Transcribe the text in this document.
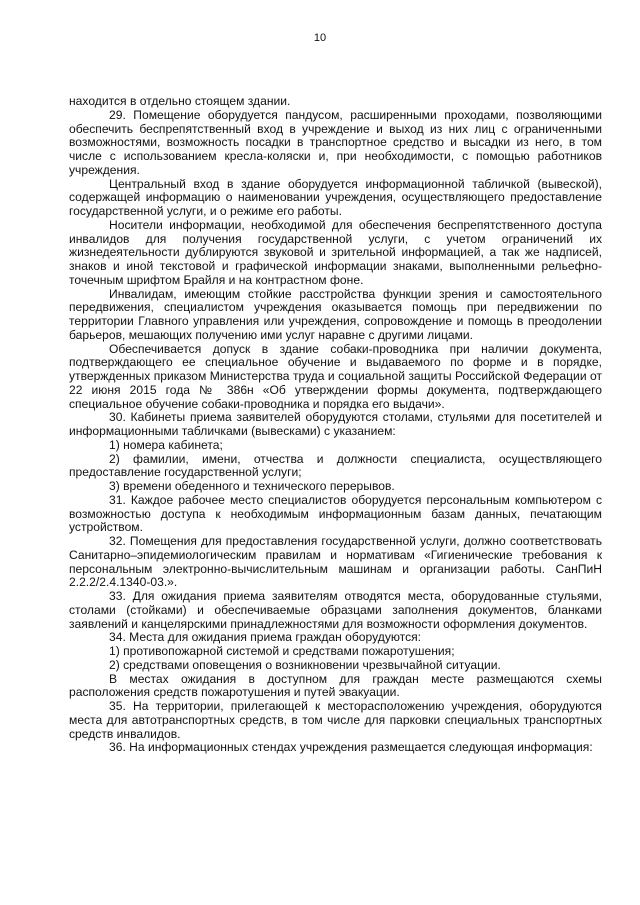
10

находится в отдельно стоящем здании.

29. Помещение оборудуется пандусом, расширенными проходами, позволяющими обеспечить беспрепятственный вход в учреждение и выход из них лиц с ограниченными возможностями, возможность посадки в транспортное средство и высадки из него, в том числе с использованием кресла-коляски и, при необходимости, с помощью работников учреждения.

Центральный вход в здание оборудуется информационной табличкой (вывеской), содержащей информацию о наименовании учреждения, осуществляющего предоставление государственной услуги, и о режиме его работы.

Носители информации, необходимой для обеспечения беспрепятственного доступа инвалидов для получения государственной услуги, с учетом ограничений их жизнедеятельности дублируются звуковой и зрительной информацией, а так же надписей, знаков и иной текстовой и графической информации знаками, выполненными рельефно-точечным шрифтом Брайля и на контрастном фоне.

Инвалидам, имеющим стойкие расстройства функции зрения и самостоятельного передвижения, специалистом учреждения оказывается помощь при передвижении по территории Главного управления или учреждения, сопровождение и помощь в преодолении барьеров, мешающих получению ими услуг наравне с другими лицами.

Обеспечивается допуск в здание собаки-проводника при наличии документа, подтверждающего ее специальное обучение и выдаваемого по форме и в порядке, утвержденных приказом Министерства труда и социальной защиты Российской Федерации от 22 июня 2015 года № 386н «Об утверждении формы документа, подтверждающего специальное обучение собаки-проводника и порядка его выдачи».

30. Кабинеты приема заявителей оборудуются столами, стульями для посетителей и информационными табличками (вывесками) с указанием:

1) номера кабинета;

2) фамилии, имени, отчества и должности специалиста, осуществляющего предоставление государственной услуги;

3) времени обеденного и технического перерывов.

31. Каждое рабочее место специалистов оборудуется персональным компьютером с возможностью доступа к необходимым информационным базам данных, печатающим устройством.

32. Помещения для предоставления государственной услуги, должно соответствовать Санитарно–эпидемиологическим правилам и нормативам «Гигиенические требования к персональным электронно-вычислительным машинам и организации работы. СанПиН 2.2.2/2.4.1340-03.».

33. Для ожидания приема заявителям отводятся места, оборудованные стульями, столами (стойками) и обеспечиваемые образцами заполнения документов, бланками заявлений и канцелярскими принадлежностями для возможности оформления документов.

34. Места для ожидания приема граждан оборудуются:

1) противопожарной системой и средствами пожаротушения;

2) средствами оповещения о возникновении чрезвычайной ситуации.

В местах ожидания в доступном для граждан месте размещаются схемы расположения средств пожаротушения и путей эвакуации.

35. На территории, прилегающей к месторасположению учреждения, оборудуются места для автотранспортных средств, в том числе для парковки специальных транспортных средств инвалидов.

36. На информационных стендах учреждения размещается следующая информация:
